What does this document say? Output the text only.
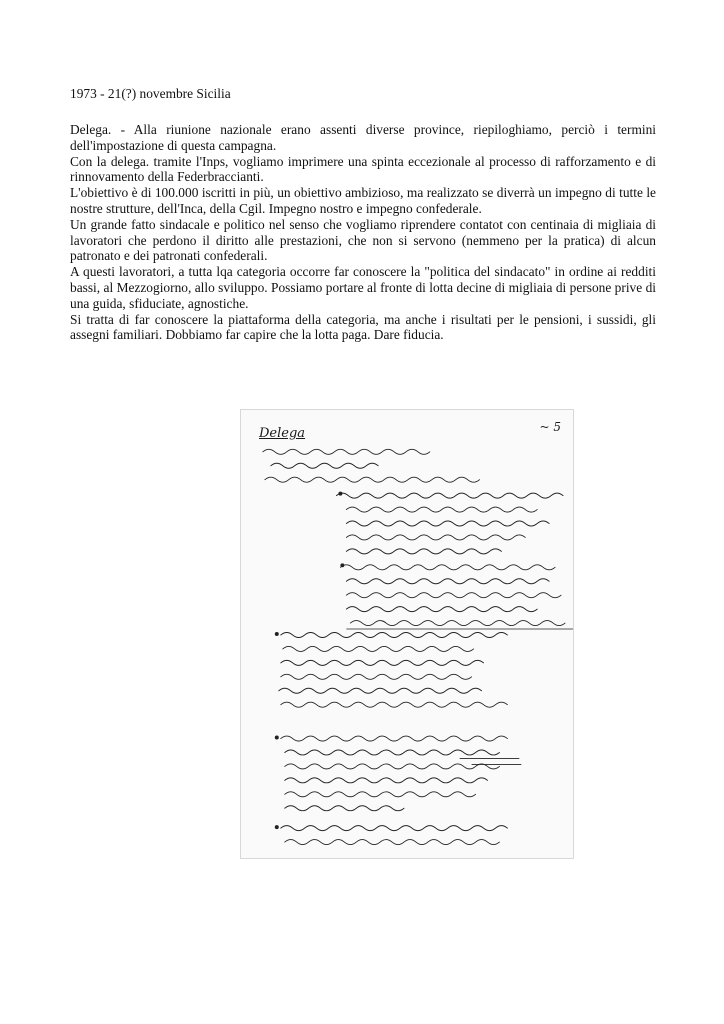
1973 - 21(?) novembre Sicilia

Delega. - Alla riunione nazionale erano assenti diverse province, riepiloghiamo, perciò i termini dell'impostazione di questa campagna.

Con la delega. tramite l'Inps, vogliamo imprimere una spinta eccezionale al processo di rafforzamento e di rinnovamento della Federbraccianti.

L'obiettivo è di 100.000 iscritti in più, un obiettivo ambizioso, ma realizzato se diverrà un impegno di tutte le nostre strutture, dell'Inca, della Cgil. Impegno nostro e impegno confederale.

Un grande fatto sindacale e politico nel senso che vogliamo riprendere contatot con centinaia di migliaia di lavoratori che perdono il diritto alle prestazioni, che non si servono (nemmeno per la pratica) di alcun patronato e dei patronati confederali.

A questi lavoratori, a tutta lqa categoria occorre far conoscere la "politica del sindacato" in ordine ai redditi bassi, al Mezzogiorno, allo sviluppo. Possiamo portare al fronte di lotta decine di migliaia di persone prive di una guida, sfiduciate, agnostiche.

Si tratta di far conoscere la piattaforma della categoria, ma anche i risultati per le pensioni, i sussidi, gli assegni familiari. Dobbiamo far capire che la lotta paga. Dare fiducia.

Delega	~ 5
